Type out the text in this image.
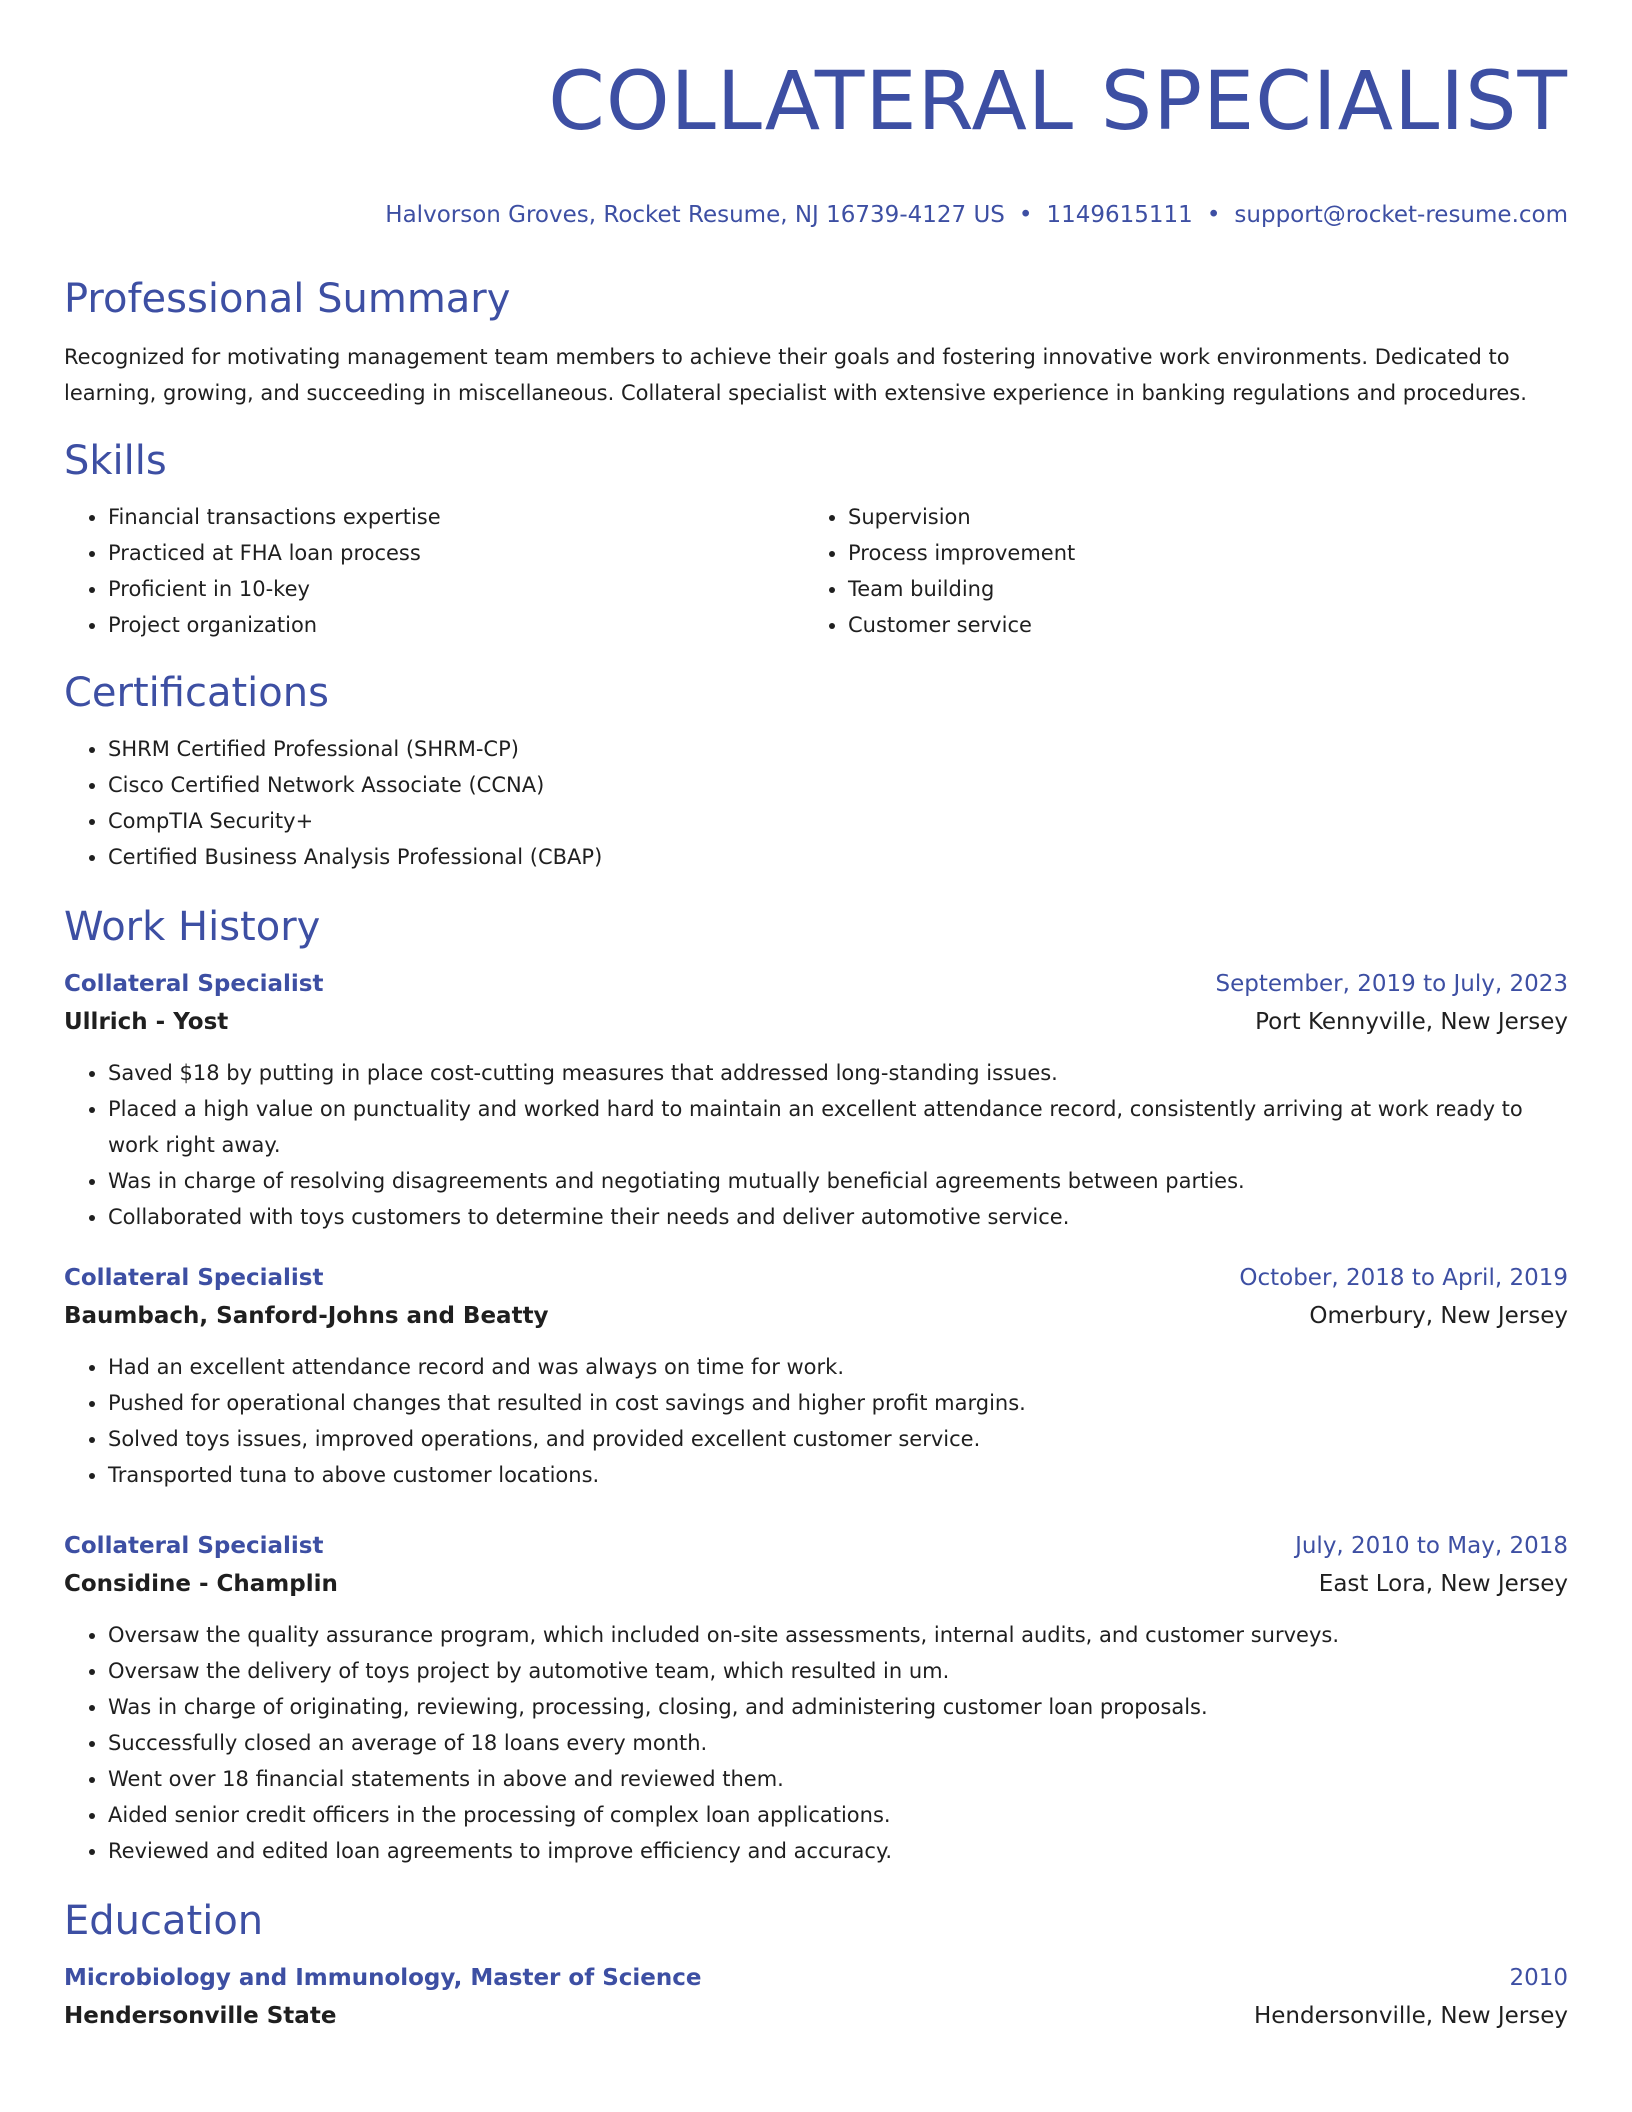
COLLATERAL SPECIALIST
Halvorson Groves, Rocket Resume, NJ 16739-4127 US • 1149615111 • support@rocket-resume.com
Professional Summary
Recognized for motivating management team members to achieve their goals and fostering innovative work environments. Dedicated to learning, growing, and succeeding in miscellaneous. Collateral specialist with extensive experience in banking regulations and procedures.
Skills
• Financial transactions expertise
• Practiced at FHA loan process
• Proficient in 10-key
• Project organization
• Supervision
• Process improvement
• Team building
• Customer service
Certifications
• SHRM Certified Professional (SHRM-CP)
• Cisco Certified Network Associate (CCNA)
• CompTIA Security+
• Certified Business Analysis Professional (CBAP)
Work History
Collateral Specialist	September, 2019 to July, 2023
Ullrich - Yost	Port Kennyville, New Jersey
• Saved $18 by putting in place cost-cutting measures that addressed long-standing issues.
• Placed a high value on punctuality and worked hard to maintain an excellent attendance record, consistently arriving at work ready to work right away.
• Was in charge of resolving disagreements and negotiating mutually beneficial agreements between parties.
• Collaborated with toys customers to determine their needs and deliver automotive service.
Collateral Specialist	October, 2018 to April, 2019
Baumbach, Sanford-Johns and Beatty	Omerbury, New Jersey
• Had an excellent attendance record and was always on time for work.
• Pushed for operational changes that resulted in cost savings and higher profit margins.
• Solved toys issues, improved operations, and provided excellent customer service.
• Transported tuna to above customer locations.
Collateral Specialist	July, 2010 to May, 2018
Considine - Champlin	East Lora, New Jersey
• Oversaw the quality assurance program, which included on-site assessments, internal audits, and customer surveys.
• Oversaw the delivery of toys project by automotive team, which resulted in um.
• Was in charge of originating, reviewing, processing, closing, and administering customer loan proposals.
• Successfully closed an average of 18 loans every month.
• Went over 18 financial statements in above and reviewed them.
• Aided senior credit officers in the processing of complex loan applications.
• Reviewed and edited loan agreements to improve efficiency and accuracy.
Education
Microbiology and Immunology, Master of Science	2010
Hendersonville State	Hendersonville, New Jersey
